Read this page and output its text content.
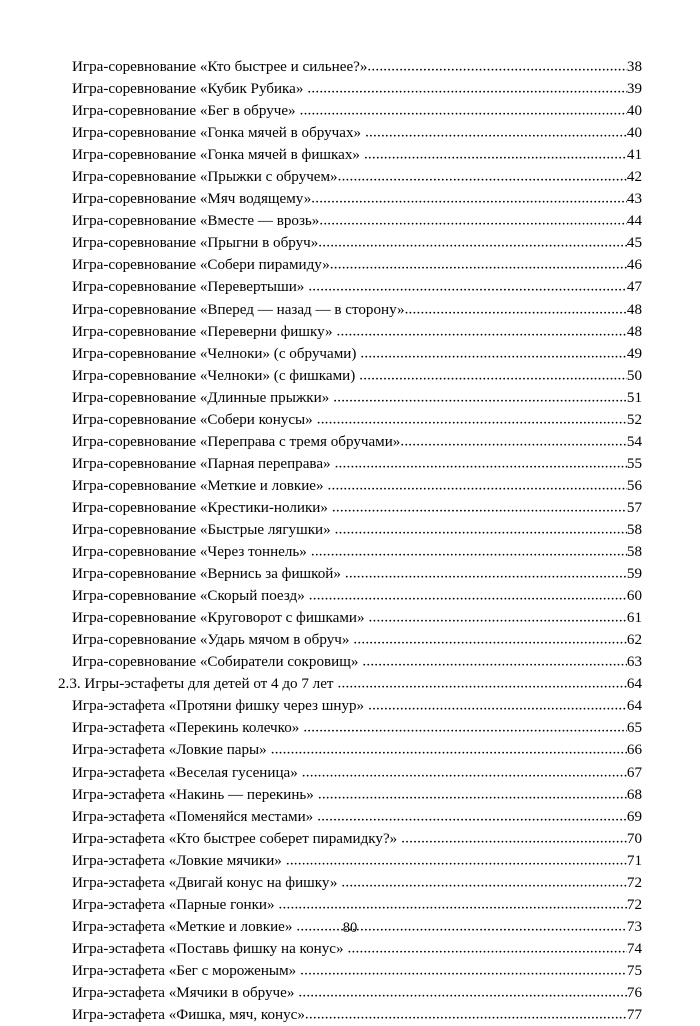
Игра-соревнование «Кто быстрее и сильнее?» .....	38
Игра-соревнование «Кубик Рубика» .....	39
Игра-соревнование «Бег в обруче» .....	40
Игра-соревнование «Гонка мячей в обручах» .....	40
Игра-соревнование «Гонка мячей в фишках» .....	41
Игра-соревнование «Прыжки с обручем» .....	42
Игра-соревнование «Мяч водящему» .....	43
Игра-соревнование «Вместе — врозь» .....	44
Игра-соревнование «Прыгни в обруч» .....	45
Игра-соревнование «Собери пирамиду» .....	46
Игра-соревнование «Перевертыши» .....	47
Игра-соревнование «Вперед — назад — в сторону» .....	48
Игра-соревнование «Переверни фишку» .....	48
Игра-соревнование «Челноки» (с обручами) .....	49
Игра-соревнование «Челноки» (с фишками) .....	50
Игра-соревнование «Длинные прыжки» .....	51
Игра-соревнование «Собери конусы» .....	52
Игра-соревнование «Переправа с тремя обручами» .....	54
Игра-соревнование «Парная переправа» .....	55
Игра-соревнование «Меткие и ловкие» .....	56
Игра-соревнование «Крестики-нолики» .....	57
Игра-соревнование «Быстрые лягушки» .....	58
Игра-соревнование «Через тоннель» .....	58
Игра-соревнование «Вернись за фишкой» .....	59
Игра-соревнование «Скорый поезд» .....	60
Игра-соревнование «Круговорот с фишками» .....	61
Игра-соревнование «Ударь мячом в обруч» .....	62
Игра-соревнование «Собиратели сокровищ» .....	63
2.3. Игры-эстафеты для детей от 4 до 7 лет .....	64
Игра-эстафета «Протяни фишку через шнур» .....	64
Игра-эстафета «Перекинь колечко» .....	65
Игра-эстафета «Ловкие пары» .....	66
Игра-эстафета «Веселая гусеница» .....	67
Игра-эстафета «Накинь — перекинь» .....	68
Игра-эстафета «Поменяйся местами» .....	69
Игра-эстафета «Кто быстрее соберет пирамидку?» .....	70
Игра-эстафета «Ловкие мячики» .....	71
Игра-эстафета «Двигай конус на фишку» .....	72
Игра-эстафета «Парные гонки» .....	72
Игра-эстафета «Меткие и ловкие» .....	73
Игра-эстафета «Поставь фишку на конус» .....	74
Игра-эстафета «Бег с мороженым» .....	75
Игра-эстафета «Мячики в обруче» .....	76
Игра-эстафета «Фишка, мяч, конус» .....	77
80
